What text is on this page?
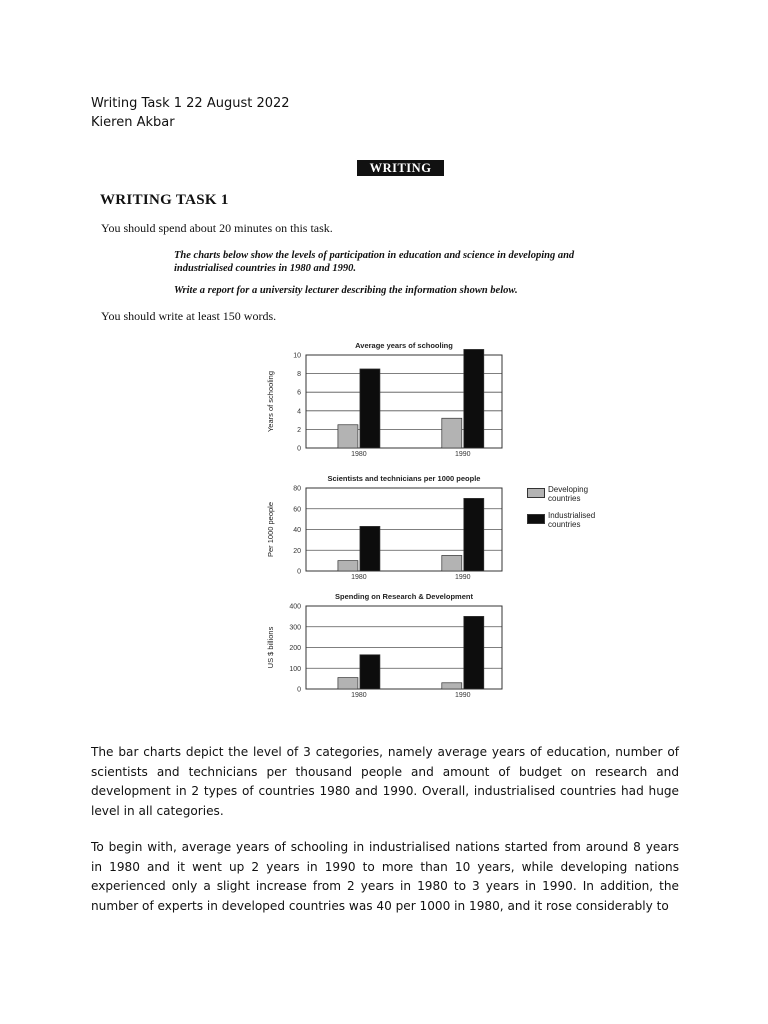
Writing Task 1 22 August 2022
Kieren Akbar
WRITING
WRITING TASK 1
You should spend about 20 minutes on this task.
The charts below show the levels of participation in education and science in developing and
industrialised countries in 1980 and 1990.
Write a report for a university lecturer describing the information shown below.
You should write at least 150 words.
Average years of schooling
0
2
4
6
8
10
Years of schooling
1980	1990
Scientists and technicians per 1000 people
0
20
40
60
80
Per 1000 people
1980	1990
Spending on Research & Development
0
100
200
300
400
US $ billions
1980	1990
Developing
countries
Industrialised
countries

The bar charts depict the level of 3 categories, namely average years of education, number of scientists and technicians per thousand people and amount of budget on research and development in 2 types of countries 1980 and 1990. Overall, industrialised countries had huge level in all categories.

To begin with, average years of schooling in industrialised nations started from around 8 years in 1980 and it went up 2 years in 1990 to more than 10 years, while developing nations experienced only a slight increase from 2 years in 1980 to 3 years in 1990. In addition, the number of experts in developed countries was 40 per 1000 in 1980, and it rose considerably to
